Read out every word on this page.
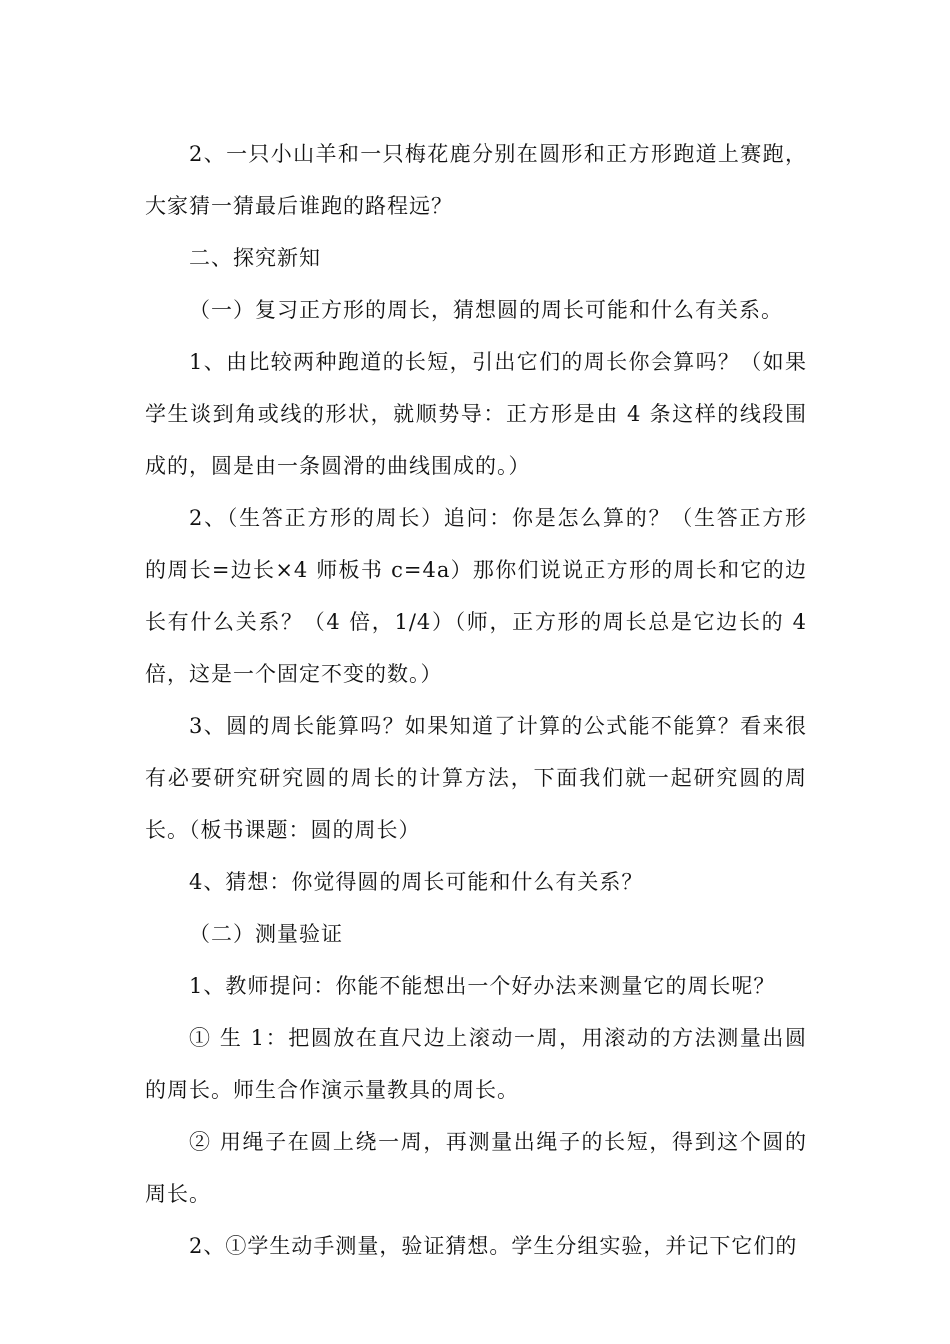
2、一只小山羊和一只梅花鹿分别在圆形和正方形跑道上赛跑，大家猜一猜最后谁跑的路程远？

二、探究新知

（一）复习正方形的周长，猜想圆的周长可能和什么有关系。

1、由比较两种跑道的长短，引出它们的周长你会算吗？（如果学生谈到角或线的形状，就顺势导：正方形是由 4 条这样的线段围成的，圆是由一条圆滑的曲线围成的。）

2、（生答正方形的周长）追问：你是怎么算的？（生答正方形的周长=边长×4 师板书 c=4a）那你们说说正方形的周长和它的边长有什么关系？（4 倍，1/4）（师，正方形的周长总是它边长的 4 倍，这是一个固定不变的数。）

3、圆的周长能算吗？如果知道了计算的公式能不能算？看来很有必要研究研究圆的周长的计算方法，下面我们就一起研究圆的周长。（板书课题：圆的周长）

4、猜想：你觉得圆的周长可能和什么有关系？

（二）测量验证

1、教师提问：你能不能想出一个好办法来测量它的周长呢？

① 生 1：把圆放在直尺边上滚动一周，用滚动的方法测量出圆的周长。师生合作演示量教具的周长。

② 用绳子在圆上绕一周，再测量出绳子的长短，得到这个圆的周长。

2、①学生动手测量，验证猜想。学生分组实验，并记下它们的
